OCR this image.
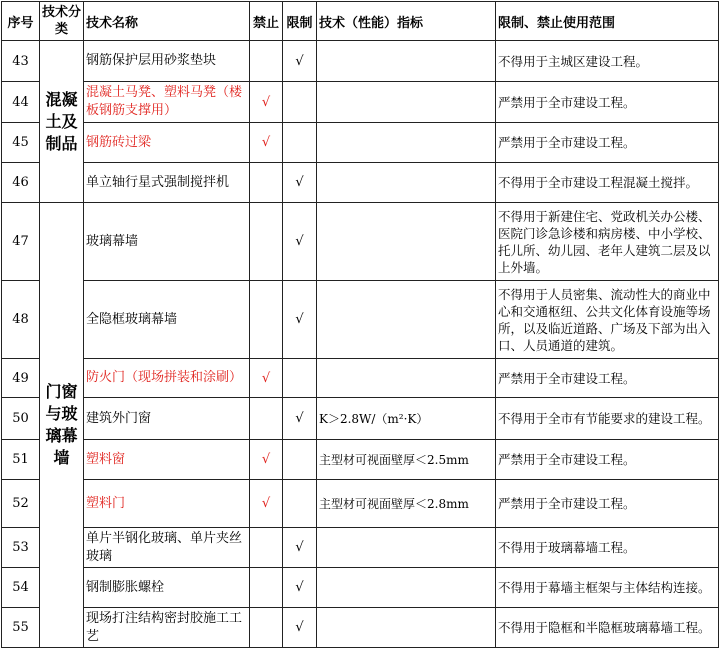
序号	技术分类	技术名称	禁止	限制	技术（性能）指标	限制、禁止使用范围
43	混凝土及制品	钢筋保护层用砂浆垫块		√		不得用于主城区建设工程。
44		混凝土马凳、塑料马凳（楼板钢筋支撑用）	√			严禁用于全市建设工程。
45		钢筋砖过梁	√			严禁用于全市建设工程。
46		单立轴行星式强制搅拌机		√		不得用于全市建设工程混凝土搅拌。
47	门窗与玻璃幕墙	玻璃幕墙		√		不得用于新建住宅、党政机关办公楼、医院门诊急诊楼和病房楼、中小学校、托儿所、幼儿园、老年人建筑二层及以上外墙。
48		全隐框玻璃幕墙		√		不得用于人员密集、流动性大的商业中心和交通枢纽、公共文化体育设施等场所，以及临近道路、广场及下部为出入口、人员通道的建筑。
49		防火门（现场拼装和涂刷）	√			严禁用于全市建设工程。
50		建筑外门窗		√	K＞2.8W/（m²·K）	不得用于全市有节能要求的建设工程。
51		塑料窗	√		主型材可视面壁厚＜2.5mm	严禁用于全市建设工程。
52		塑料门	√		主型材可视面壁厚＜2.8mm	严禁用于全市建设工程。
53		单片半钢化玻璃、单片夹丝玻璃		√		不得用于玻璃幕墙工程。
54		钢制膨胀螺栓		√		不得用于幕墙主框架与主体结构连接。
55		现场打注结构密封胶施工工艺		√		不得用于隐框和半隐框玻璃幕墙工程。
